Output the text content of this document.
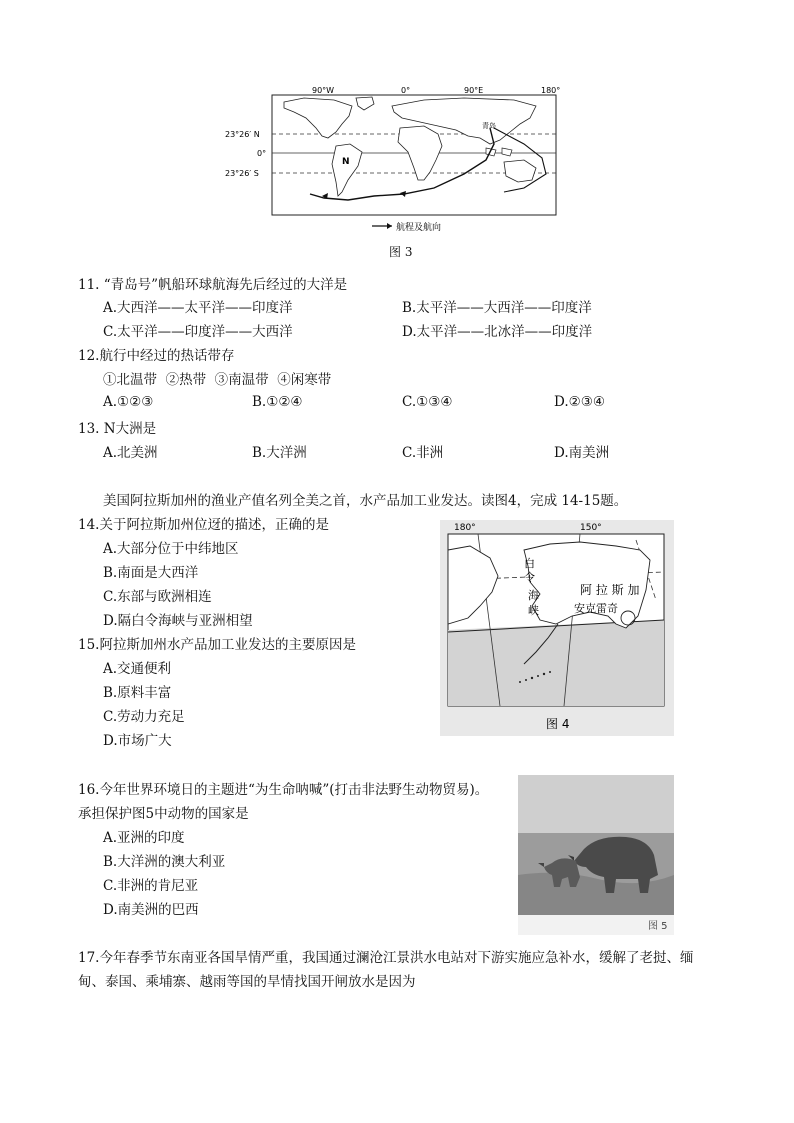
90°W	0°	90°E	180°
23°26′ N
0°
23°26′ S
N
青岛
航程及航向
图 3
11. “青岛号”帆船环球航海先后经过的大洋是
A.大西洋——太平洋——印度洋	B.太平洋——大西洋——印度洋
C.太平洋——印度洋——大西洋	D.太平洋——北冰洋——印度洋
12.航行中经过的热话带存
①北温带  ②热带  ③南温带  ④闲寒带
A.①②③	B.①②④	C.①③④	D.②③④
13. N大洲是
A.北美洲	B.大洋洲	C.非洲	D.南美洲
美国阿拉斯加州的渔业产值名列全美之首，水产品加工业发达。读图4，完成 14-15题。
14.关于阿拉斯加州位迓的描述，正确的是
A.大部分位于中纬地区
B.南面是大西洋
C.东部与欧洲相连
D.隔白令海峡与亚洲相望
15.阿拉斯加州水产品加工业发达的主要原因是
A.交通便利
B.原料丰富
C.劳动力充足
D.市场广大
180°	150°
白
令
海
峡
阿 拉 斯 加
安克雷奇
图 4
16.今年世界环境日的主题进“为生命呐喊”(打击非法野生动物贸易)。
承担保护图5中动物的国家是
A.亚洲的印度
B.大洋洲的澳大利亚
C.非洲的肯尼亚
D.南美洲的巴西
图 5
17.今年春季节东南亚各国旱情严重，我国通过澜沧江景洪水电站对下游实施应急补水，缓解了老挝、缅
甸、泰国、乘埔寨、越雨等国的旱情找国开闸放水是因为
